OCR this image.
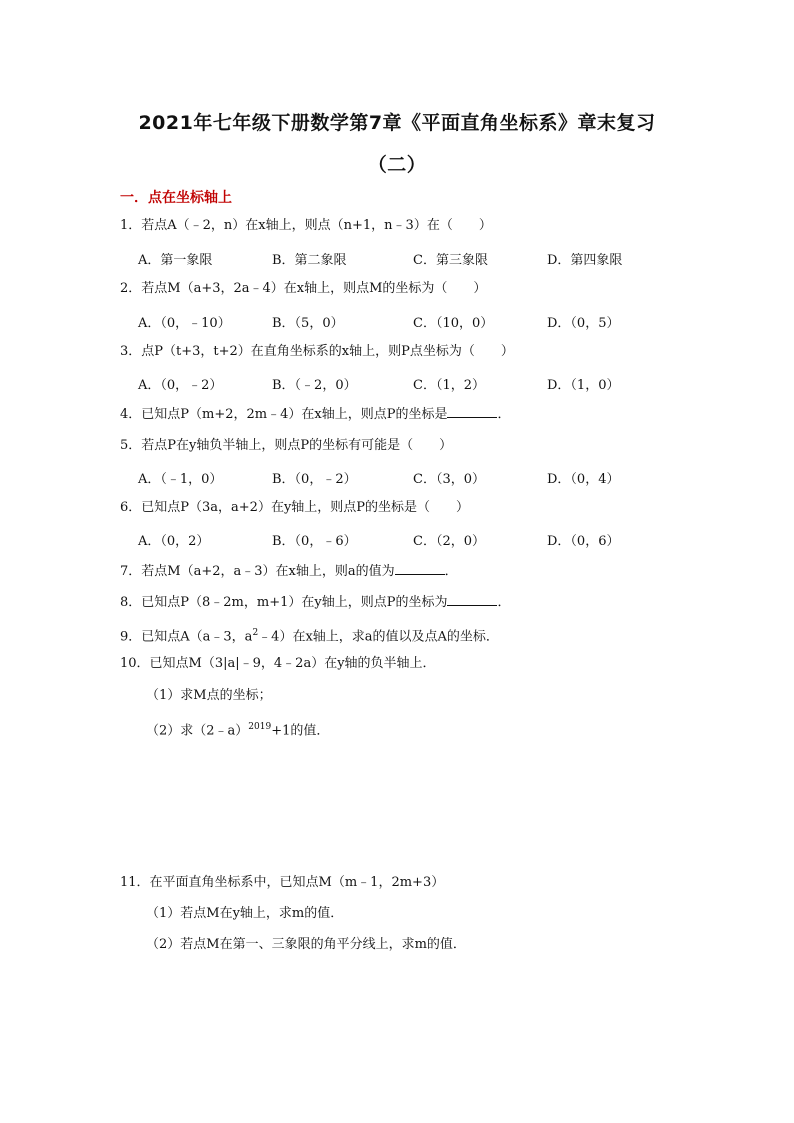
2021年七年级下册数学第7章《平面直角坐标系》章末复习
（二）
一．点在坐标轴上
1．若点A（﹣2，n）在x轴上，则点（n+1，n﹣3）在（　　）
A．第一象限	B．第二象限	C．第三象限	D．第四象限
2．若点M（a+3，2a﹣4）在x轴上，则点M的坐标为（　　）
A．（0，﹣10）	B．（5，0）	C．（10，0）	D．（0，5）
3．点P（t+3，t+2）在直角坐标系的x轴上，则P点坐标为（　　）
A．（0，﹣2）	B．（﹣2，0）	C．（1，2）	D．（1，0）
4．已知点P（m+2，2m﹣4）在x轴上，则点P的坐标是	．
5．若点P在y轴负半轴上，则点P的坐标有可能是（　　）
A．（﹣1，0）	B．（0，﹣2）	C．（3，0）	D．（0，4）
6．已知点P（3a，a+2）在y轴上，则点P的坐标是（　　）
A．（0，2）	B．（0，﹣6）	C．（2，0）	D．（0，6）
7．若点M（a+2，a﹣3）在x轴上，则a的值为	．
8．已知点P（8﹣2m，m+1）在y轴上，则点P的坐标为	．
9．已知点A（a﹣3，$a^2﹣4$）在x轴上，求a的值以及点A的坐标．
10．已知点M（3|a|﹣9，4﹣2a）在y轴的负半轴上．
（1）求M点的坐标；
（2）求（2﹣a）$^{2019}$+1的值．
11．在平面直角坐标系中，已知点M（m﹣1，2m+3）
（1）若点M在y轴上，求m的值．
（2）若点M在第一、三象限的角平分线上，求m的值．
